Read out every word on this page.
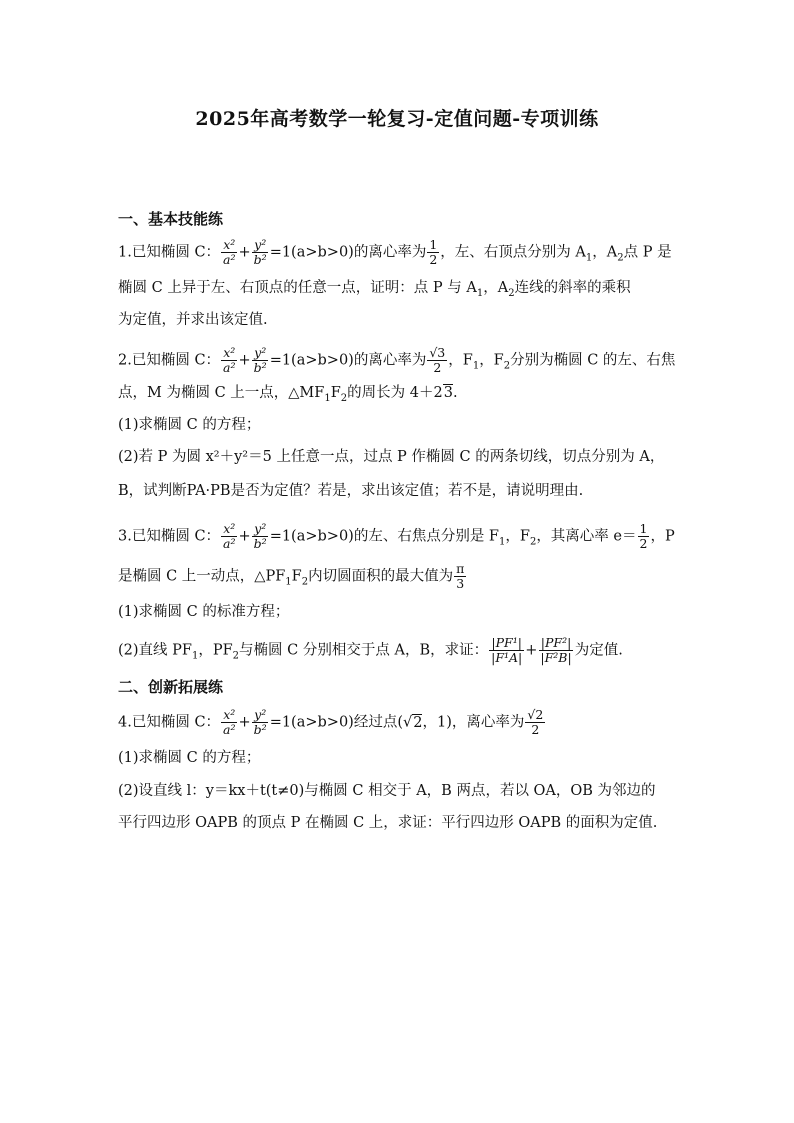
2025年高考数学一轮复习-定值问题-专项训练
一、基本技能练
1.已知椭圆 C： $\frac{\text{x²}}{\text{a²}} + \frac{\text{y²}}{\text{b²}} =1(a>b>0)$的离心率为 $\frac{1}{2}$ ，左、右顶点分别为 $A_1$，$A_2$点 P 是
椭圆 C 上异于左、右顶点的任意一点，证明：点 P 与 $A_1$，$A_2$连线的斜率的乘积
为定值，并求出该定值.
2.已知椭圆 C： $\frac{\text{x²}}{\text{a²}} + \frac{\text{y²}}{\text{b²}} =1(a>b>0)$的离心率为 $\frac{√3}{2}$ ，$F_1$，$F_2$分别为椭圆 C 的左、右焦
点，M 为椭圆 C 上一点，$\triangle MF_1F_2$的周长为 4＋23.
(1)求椭圆 C 的方程；
(2)若 P 为圆 x²＋y²＝5 上任意一点，过点 P 作椭圆 C 的两条切线，切点分别为 A，
B，试判断PA·PB是否为定值？若是，求出该定值；若不是，请说明理由.
3.已知椭圆 C： $\frac{\text{x²}}{\text{a²}} + \frac{\text{y²}}{\text{b²}} =1(a>b>0)$的左、右焦点分别是 $F_1$，$F_2$，其离心率 $e= \frac{1}{2}$ ，P
是椭圆 C 上一动点，$\triangle PF_1F_2$内切圆面积的最大值为 $\frac{\pi}{3}$
(1)求椭圆 C 的标准方程；
(2)直线 $PF_1$，$PF_2$与椭圆 C 分别相交于点 A，B，求证： $\frac{\text{|PF¹|}}{\text{|F¹A|}} + \frac{\text{|PF²|}}{\text{|F²B|}}$ 为定值.
二、创新拓展练
4.已知椭圆 C： $\frac{\text{x²}}{\text{a²}} + \frac{\text{y²}}{\text{b²}} =1(a>b>0)$经过点(√2，1)，离心率为 $\frac{√2}{2}$
(1)求椭圆 C 的方程；
(2)设直线 l：y＝kx＋t(t≠0)与椭圆 C 相交于 A，B 两点，若以 OA，OB 为邻边的
平行四边形 OAPB 的顶点 P 在椭圆 C 上，求证：平行四边形 OAPB 的面积为定值.
